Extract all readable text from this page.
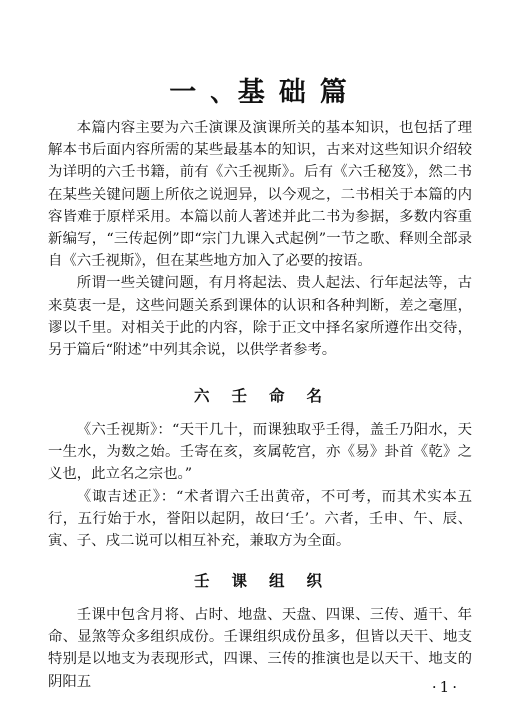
一､基础篇

本篇内容主要为六壬演课及演课所关的基本知识，也包括了理解本书后面内容所需的某些最基本的知识，古来对这些知识介绍较为详明的六壬书籍，前有《六壬视斯》。后有《六壬秘笈》，然二书在某些关键问题上所依之说迥异，以今观之，二书相关于本篇的内容皆难于原样采用。本篇以前人著述并此二书为参据，多数内容重新编写，“三传起例”即“宗门九课入式起例”一节之歌、释则全部录自《六壬视斯》，但在某些地方加入了必要的按语。

所谓一些关键问题，有月将起法、贵人起法、行年起法等，古来莫衷一是，这些问题关系到课体的认识和各种判断，差之毫厘，谬以千里。对相关于此的内容，除于正文中择名家所遵作出交待，另于篇后“附述”中列其余说，以供学者参考。

六壬命名

《六壬视斯》：“天干几十，而课独取乎壬得，盖壬乃阳水，天一生水，为数之始。壬寄在亥，亥属乾宫，亦《易》卦首《乾》之义也，此立名之宗也。”

《诹吉述正》：“术者谓六壬出黄帝，不可考，而其术实本五行，五行始于水，誉阳以起阴，故曰‘壬’。六者，壬申、午、辰、寅、子、戌二说可以相互补充，兼取方为全面。

壬课组织

壬课中包含月将、占时、地盘、天盘、四课、三传、遁干、年命、显煞等众多组织成份。壬课组织成份虽多，但皆以天干、地支特别是以地支为表现形式，四课、三传的推演也是以天干、地支的阴阳五	·1·
